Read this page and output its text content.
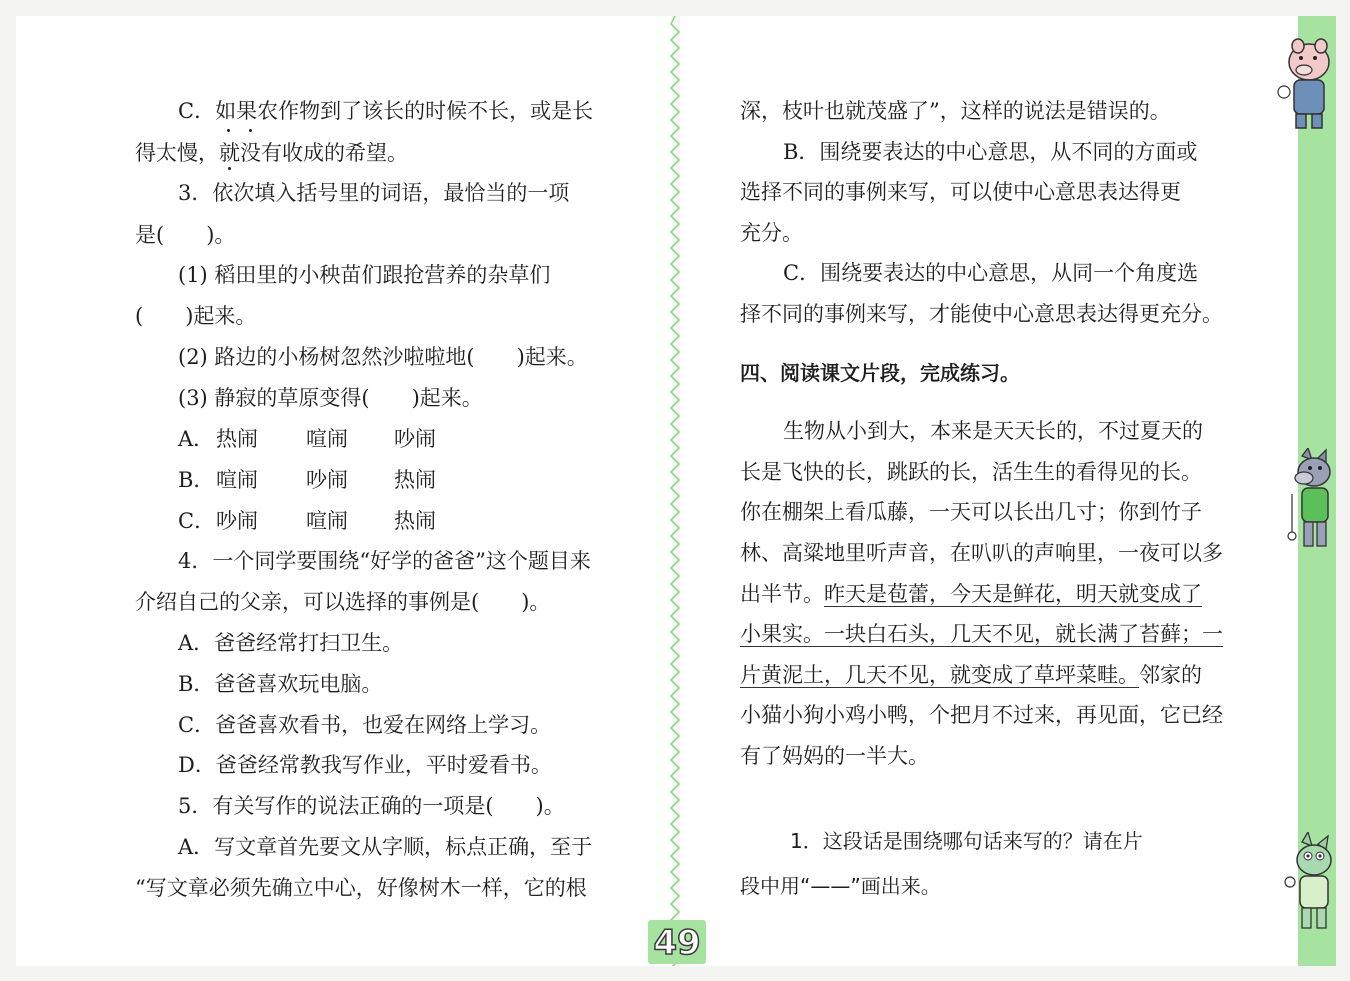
C．如果农作物到了该长的时候不长，或是长
得太慢，就没有
收成的希望。
3．依次填入括号里的词语，最恰当的一项
是(　　)。
(1) 稻田里的小秧苗们跟抢营养的杂草们
(　　)起来。
(2) 路边的小杨树忽然沙啦啦地(　　)起来。
(3) 静寂的草原变得(　　)起来。
A． 热闹 喧闹 吵闹
B． 喧闹 吵闹 热闹
C． 吵闹 喧闹 热闹
4．一个同学要围绕“好学的爸爸”这个题目来
介绍自己的父亲，可以选择的事例是(　　)。
A．爸爸经常打扫卫生。
B．爸爸喜欢玩电脑。
C．爸爸喜欢看书，也爱在网络上学习。
D．爸爸经常教我写作业，平时爱看书。
5．有关写作的说法正确的一项是(　　)。
A．写文章首先要文从字顺，标点正确，至于
“写文章必须先确立中心，好像树木一样，它的根
深，枝叶也就茂盛了”，这样的说法是错误的。
B．围绕要表达的中心意思，从不同的方面或
选择不同的事例来写，可以使中心意思表达得更
充分。
C．围绕要表达的中心意思，从同一个角度选
择不同的事例来写，才能使中心意思表达得更充分。
四、阅读课文片段，完成练习。
生物从小到大，本来是天天长的，不过夏天的
长是飞快的长，跳跃的长，活生生的看得见的长。
你在棚架上看瓜藤，一天可以长出几寸；你到竹子
林、高粱地里听声音，在叭叭的声响里，一夜可以多
出半节。昨天是苞蕾，今天是鲜花，明天就变成了
小果实。一块白石头，几天不见，就长满了苔藓；一
片黄泥土，几天不见，就变成了草坪菜畦。邻家的
小猫小狗小鸡小鸭，个把月不过来，再见面，它已经
有了妈妈的一半大。
1．这段话是围绕哪句话来写的？请在片
段中用“——”画出来。
49
